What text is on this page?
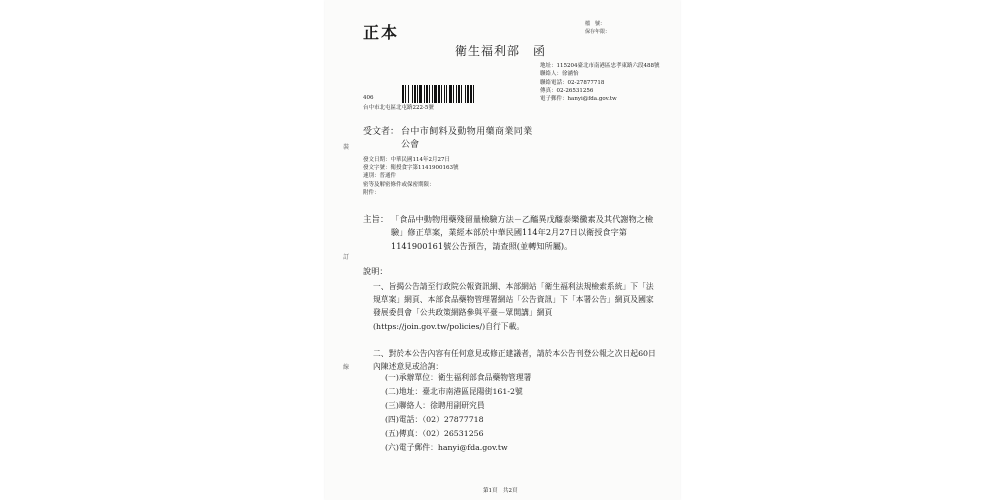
正本	檔　號：
保存年限：
衛生福利部　函
地址：115204臺北市南港區忠孝東路六段488號
聯絡人：徐涵怡
聯絡電話：02-27877718
傳真：02-26531256
電子郵件：hanyi@fda.gov.tw
406
台中市北屯區北屯路222-5號
受文者： 台中市飼料及動物用藥商業同業
公會
發文日期：中華民國114年2月27日
發文字號：衛授食字第1141900163號
速別：普通件
密等及解密條件或保密期限：
附件：
主旨： 「食品中動物用藥殘留量檢驗方法－乙醯異戊醯泰樂黴素及其代謝物之檢驗」修正草案，業經本部於中華民國114年2月27日以衛授食字第1141900161號公告預告，請查照(並轉知所屬)。
說明：
一、旨揭公告請至行政院公報資訊網、本部網站「衛生福利法規檢索系統」下「法規草案」網頁、本部食品藥物管理署網站「公告資訊」下「本署公告」網頁及國家發展委員會「公共政策網路參與平臺－眾開講」網頁(https://join.gov.tw/policies/)自行下載。
二、對於本公告內容有任何意見或修正建議者，請於本公告刊登公報之次日起60日內陳述意見或洽詢：
(一)承辦單位：衛生福利部食品藥物管理署
(二)地址：臺北市南港區昆陽街161-2號
(三)聯絡人：徐聘用副研究員
(四)電話：（02）27877718
(五)傳真：（02）26531256
(六)電子郵件：hanyi@fda.gov.tw
裝
訂
線
第1頁　共2頁
